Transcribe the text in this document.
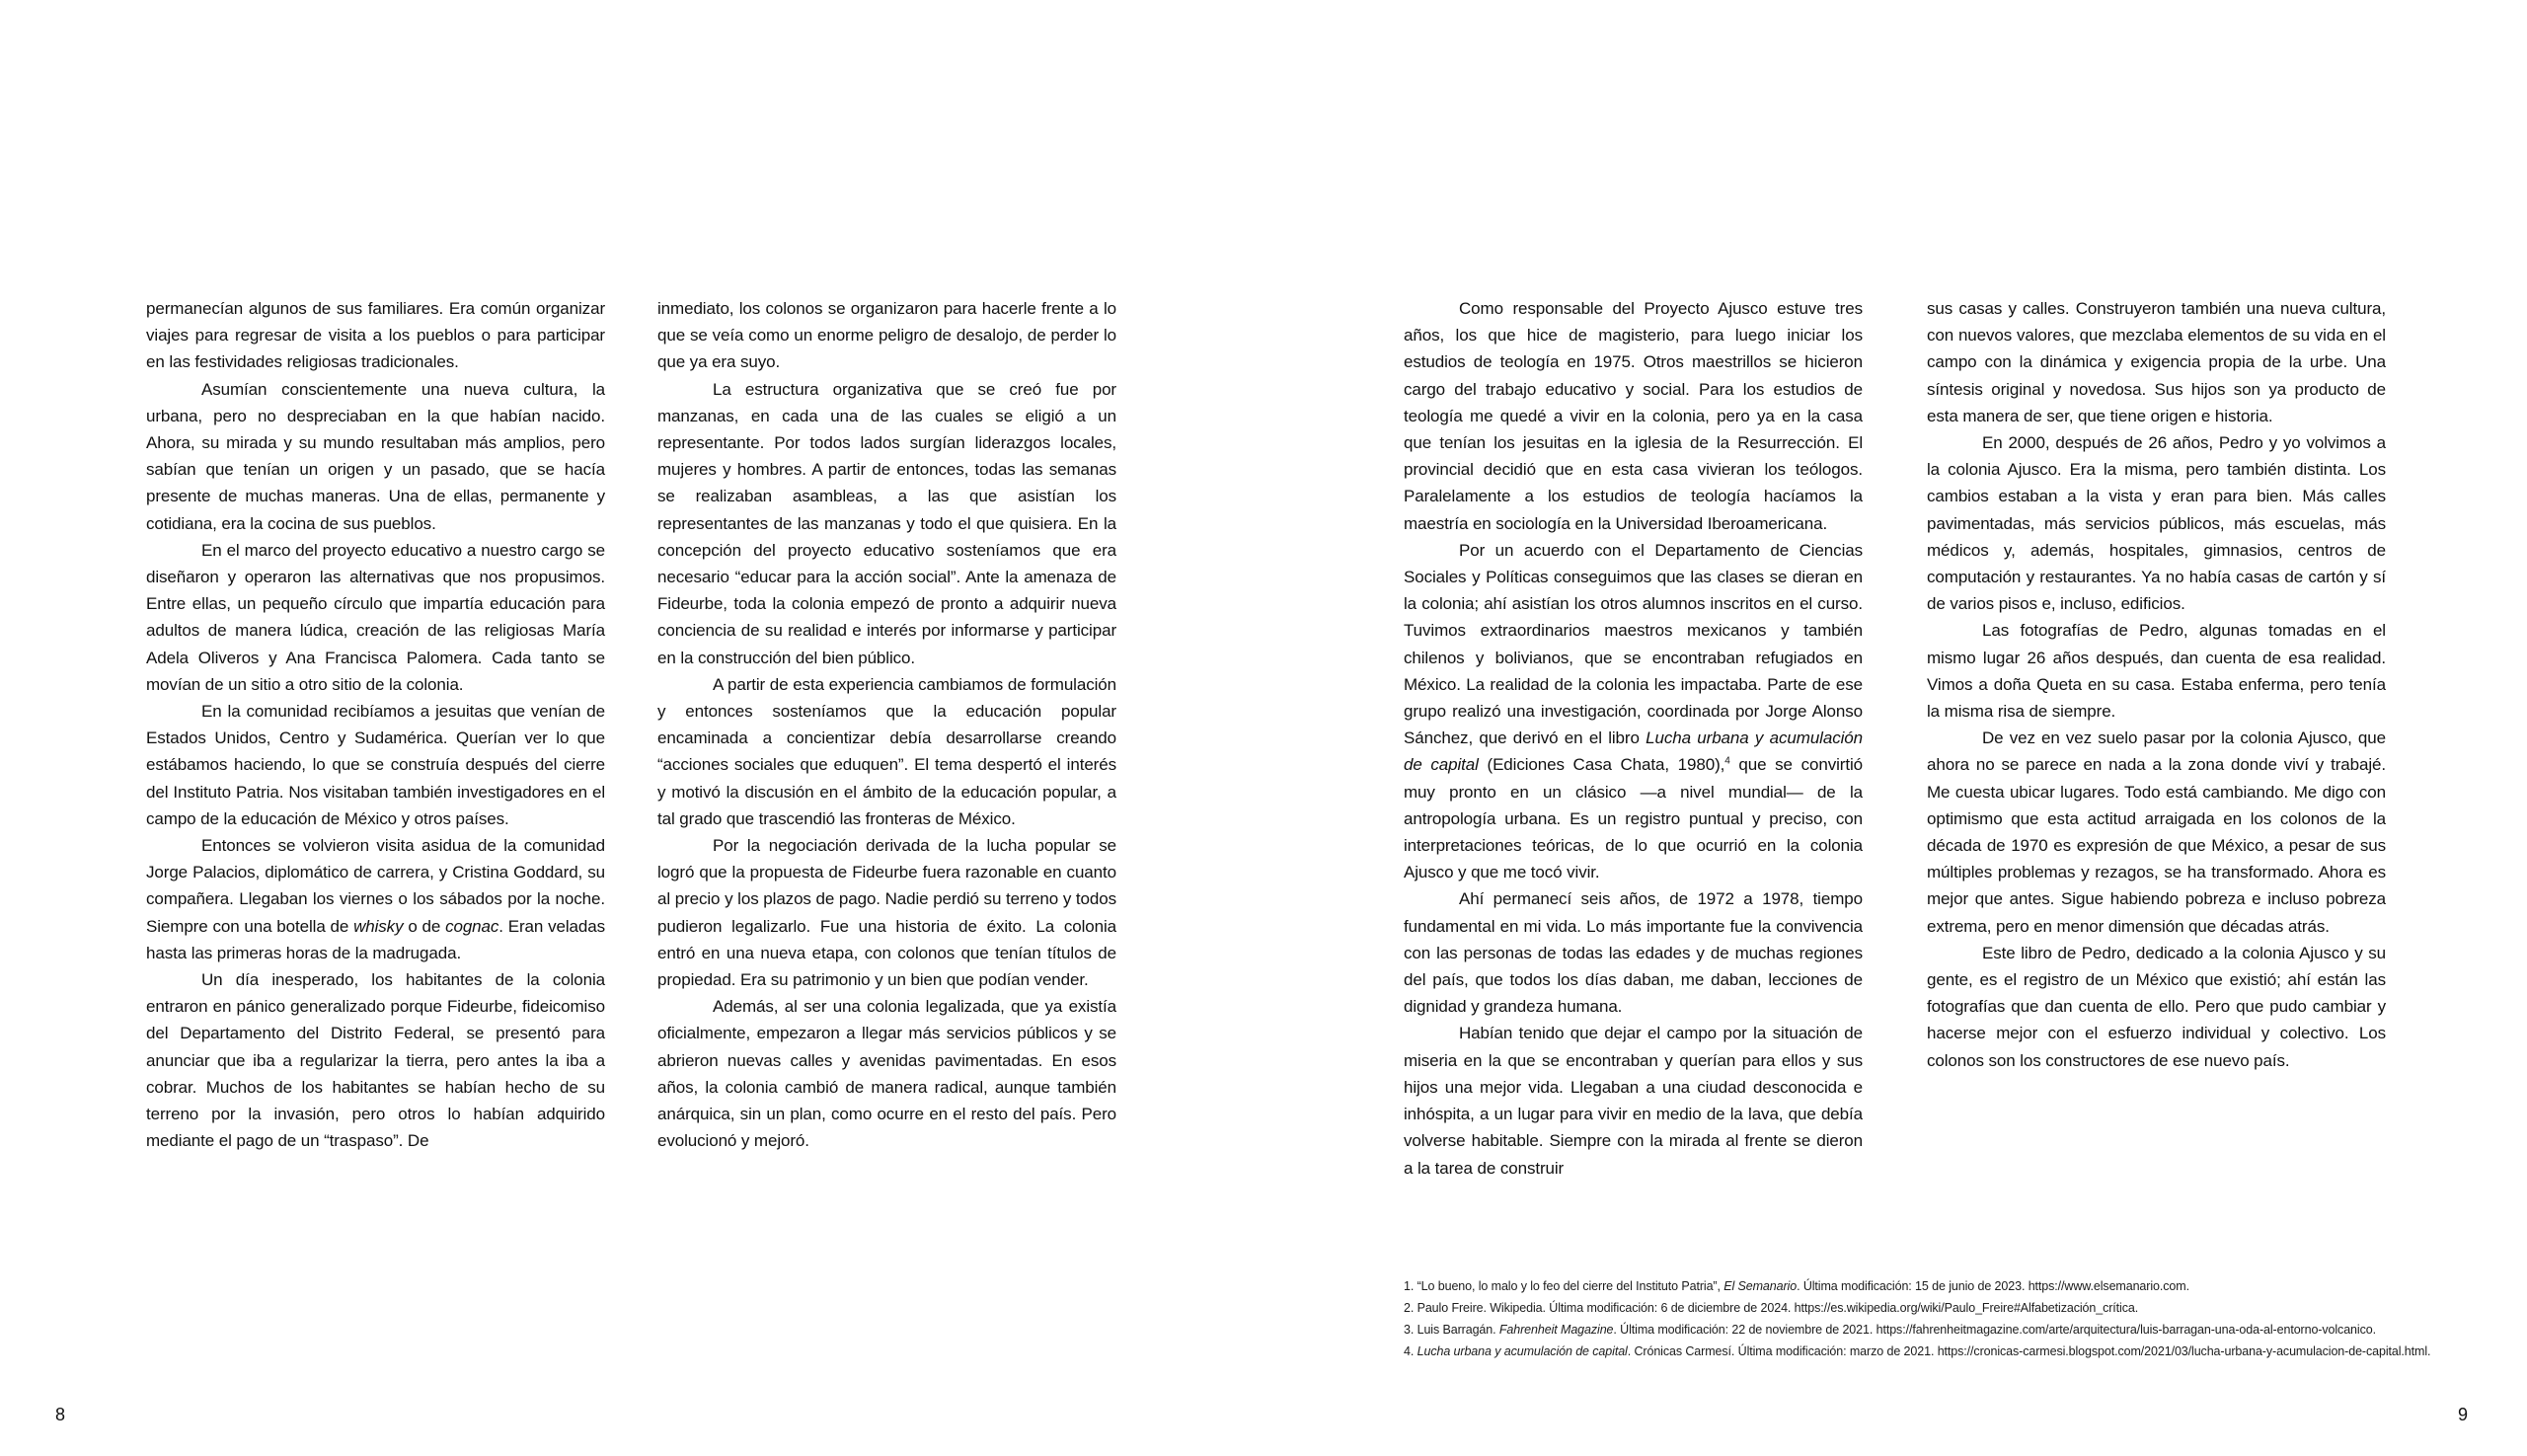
permanecían algunos de sus familiares. Era común organizar viajes para regresar de visita a los pueblos o para participar en las festividades religiosas tradicionales.

Asumían conscientemente una nueva cultura, la urbana, pero no despreciaban en la que habían nacido. Ahora, su mirada y su mundo resultaban más amplios, pero sabían que tenían un origen y un pasado, que se hacía presente de muchas maneras. Una de ellas, permanente y cotidiana, era la cocina de sus pueblos.

En el marco del proyecto educativo a nuestro cargo se diseñaron y operaron las alternativas que nos propusimos. Entre ellas, un pequeño círculo que impartía educación para adultos de manera lúdica, creación de las religiosas María Adela Oliveros y Ana Francisca Palomera. Cada tanto se movían de un sitio a otro sitio de la colonia.

En la comunidad recibíamos a jesuitas que venían de Estados Unidos, Centro y Sudamérica. Querían ver lo que estábamos haciendo, lo que se construía después del cierre del Instituto Patria. Nos visitaban también investigadores en el campo de la educación de México y otros países.

Entonces se volvieron visita asidua de la comunidad Jorge Palacios, diplomático de carrera, y Cristina Goddard, su compañera. Llegaban los viernes o los sábados por la noche. Siempre con una botella de whisky o de cognac. Eran veladas hasta las primeras horas de la madrugada.

Un día inesperado, los habitantes de la colonia entraron en pánico generalizado porque Fideurbe, fideicomiso del Departamento del Distrito Federal, se presentó para anunciar que iba a regularizar la tierra, pero antes la iba a cobrar. Muchos de los habitantes se habían hecho de su terreno por la invasión, pero otros lo habían adquirido mediante el pago de un “traspaso”. De

inmediato, los colonos se organizaron para hacerle frente a lo que se veía como un enorme peligro de desalojo, de perder lo que ya era suyo.

La estructura organizativa que se creó fue por manzanas, en cada una de las cuales se eligió a un representante. Por todos lados surgían liderazgos locales, mujeres y hombres. A partir de entonces, todas las semanas se realizaban asambleas, a las que asistían los representantes de las manzanas y todo el que quisiera. En la concepción del proyecto educativo sosteníamos que era necesario “educar para la acción social”. Ante la amenaza de Fideurbe, toda la colonia empezó de pronto a adquirir nueva conciencia de su realidad e interés por informarse y participar en la construcción del bien público.

A partir de esta experiencia cambiamos de formulación y entonces sosteníamos que la educación popular encaminada a concientizar debía desarrollarse creando “acciones sociales que eduquen”. El tema despertó el interés y motivó la discusión en el ámbito de la educación popular, a tal grado que trascendió las fronteras de México.

Por la negociación derivada de la lucha popular se logró que la propuesta de Fideurbe fuera razonable en cuanto al precio y los plazos de pago. Nadie perdió su terreno y todos pudieron legalizarlo. Fue una historia de éxito. La colonia entró en una nueva etapa, con colonos que tenían títulos de propiedad. Era su patrimonio y un bien que podían vender.

Además, al ser una colonia legalizada, que ya existía oficialmente, empezaron a llegar más servicios públicos y se abrieron nuevas calles y avenidas pavimentadas. En esos años, la colonia cambió de manera radical, aunque también anárquica, sin un plan, como ocurre en el resto del país. Pero evolucionó y mejoró.

8

Como responsable del Proyecto Ajusco estuve tres años, los que hice de magisterio, para luego iniciar los estudios de teología en 1975. Otros maestrillos se hicieron cargo del trabajo educativo y social. Para los estudios de teología me quedé a vivir en la colonia, pero ya en la casa que tenían los jesuitas en la iglesia de la Resurrección. El provincial decidió que en esta casa vivieran los teólogos. Paralelamente a los estudios de teología hacíamos la maestría en sociología en la Universidad Iberoamericana.

Por un acuerdo con el Departamento de Ciencias Sociales y Políticas conseguimos que las clases se dieran en la colonia; ahí asistían los otros alumnos inscritos en el curso. Tuvimos extraordinarios maestros mexicanos y también chilenos y bolivianos, que se encontraban refugiados en México. La realidad de la colonia les impactaba. Parte de ese grupo realizó una investigación, coordinada por Jorge Alonso Sánchez, que derivó en el libro Lucha urbana y acumulación de capital (Ediciones Casa Chata, 1980),$^4$ que se convirtió muy pronto en un clásico —a nivel mundial— de la antropología urbana. Es un registro puntual y preciso, con interpretaciones teóricas, de lo que ocurrió en la colonia Ajusco y que me tocó vivir.

Ahí permanecí seis años, de 1972 a 1978, tiempo fundamental en mi vida. Lo más importante fue la convivencia con las personas de todas las edades y de muchas regiones del país, que todos los días daban, me daban, lecciones de dignidad y grandeza humana.

Habían tenido que dejar el campo por la situación de miseria en la que se encontraban y querían para ellos y sus hijos una mejor vida. Llegaban a una ciudad desconocida e inhóspita, a un lugar para vivir en medio de la lava, que debía volverse habitable. Siempre con la mirada al frente se dieron a la tarea de construir

sus casas y calles. Construyeron también una nueva cultura, con nuevos valores, que mezclaba elementos de su vida en el campo con la dinámica y exigencia propia de la urbe. Una síntesis original y novedosa. Sus hijos son ya producto de esta manera de ser, que tiene origen e historia.

En 2000, después de 26 años, Pedro y yo volvimos a la colonia Ajusco. Era la misma, pero también distinta. Los cambios estaban a la vista y eran para bien. Más calles pavimentadas, más servicios públicos, más escuelas, más médicos y, además, hospitales, gimnasios, centros de computación y restaurantes. Ya no había casas de cartón y sí de varios pisos e, incluso, edificios.

Las fotografías de Pedro, algunas tomadas en el mismo lugar 26 años después, dan cuenta de esa realidad. Vimos a doña Queta en su casa. Estaba enferma, pero tenía la misma risa de siempre.

De vez en vez suelo pasar por la colonia Ajusco, que ahora no se parece en nada a la zona donde viví y trabajé. Me cuesta ubicar lugares. Todo está cambiando. Me digo con optimismo que esta actitud arraigada en los colonos de la década de 1970 es expresión de que México, a pesar de sus múltiples problemas y rezagos, se ha transformado. Ahora es mejor que antes. Sigue habiendo pobreza e incluso pobreza extrema, pero en menor dimensión que décadas atrás.

Este libro de Pedro, dedicado a la colonia Ajusco y su gente, es el registro de un México que existió; ahí están las fotografías que dan cuenta de ello. Pero que pudo cambiar y hacerse mejor con el esfuerzo individual y colectivo. Los colonos son los constructores de ese nuevo país.

1. “Lo bueno, lo malo y lo feo del cierre del Instituto Patria”, El Semanario. Última modificación: 15 de junio de 2023. https://www.elsemanario.com.

2. Paulo Freire. Wikipedia. Última modificación: 6 de diciembre de 2024. https://es.wikipedia.org/wiki/Paulo_Freire#Alfabetización_crítica.

3. Luis Barragán. Fahrenheit Magazine. Última modificación: 22 de noviembre de 2021. https://fahrenheitmagazine.com/arte/arquitectura/luis-barragan-una-oda-al-entorno-volcanico.

4. Lucha urbana y acumulación de capital. Crónicas Carmesí. Última modificación: marzo de 2021. https://cronicas-carmesi.blogspot.com/2021/03/lucha-urbana-y-acumulacion-de-capital.html.

9
